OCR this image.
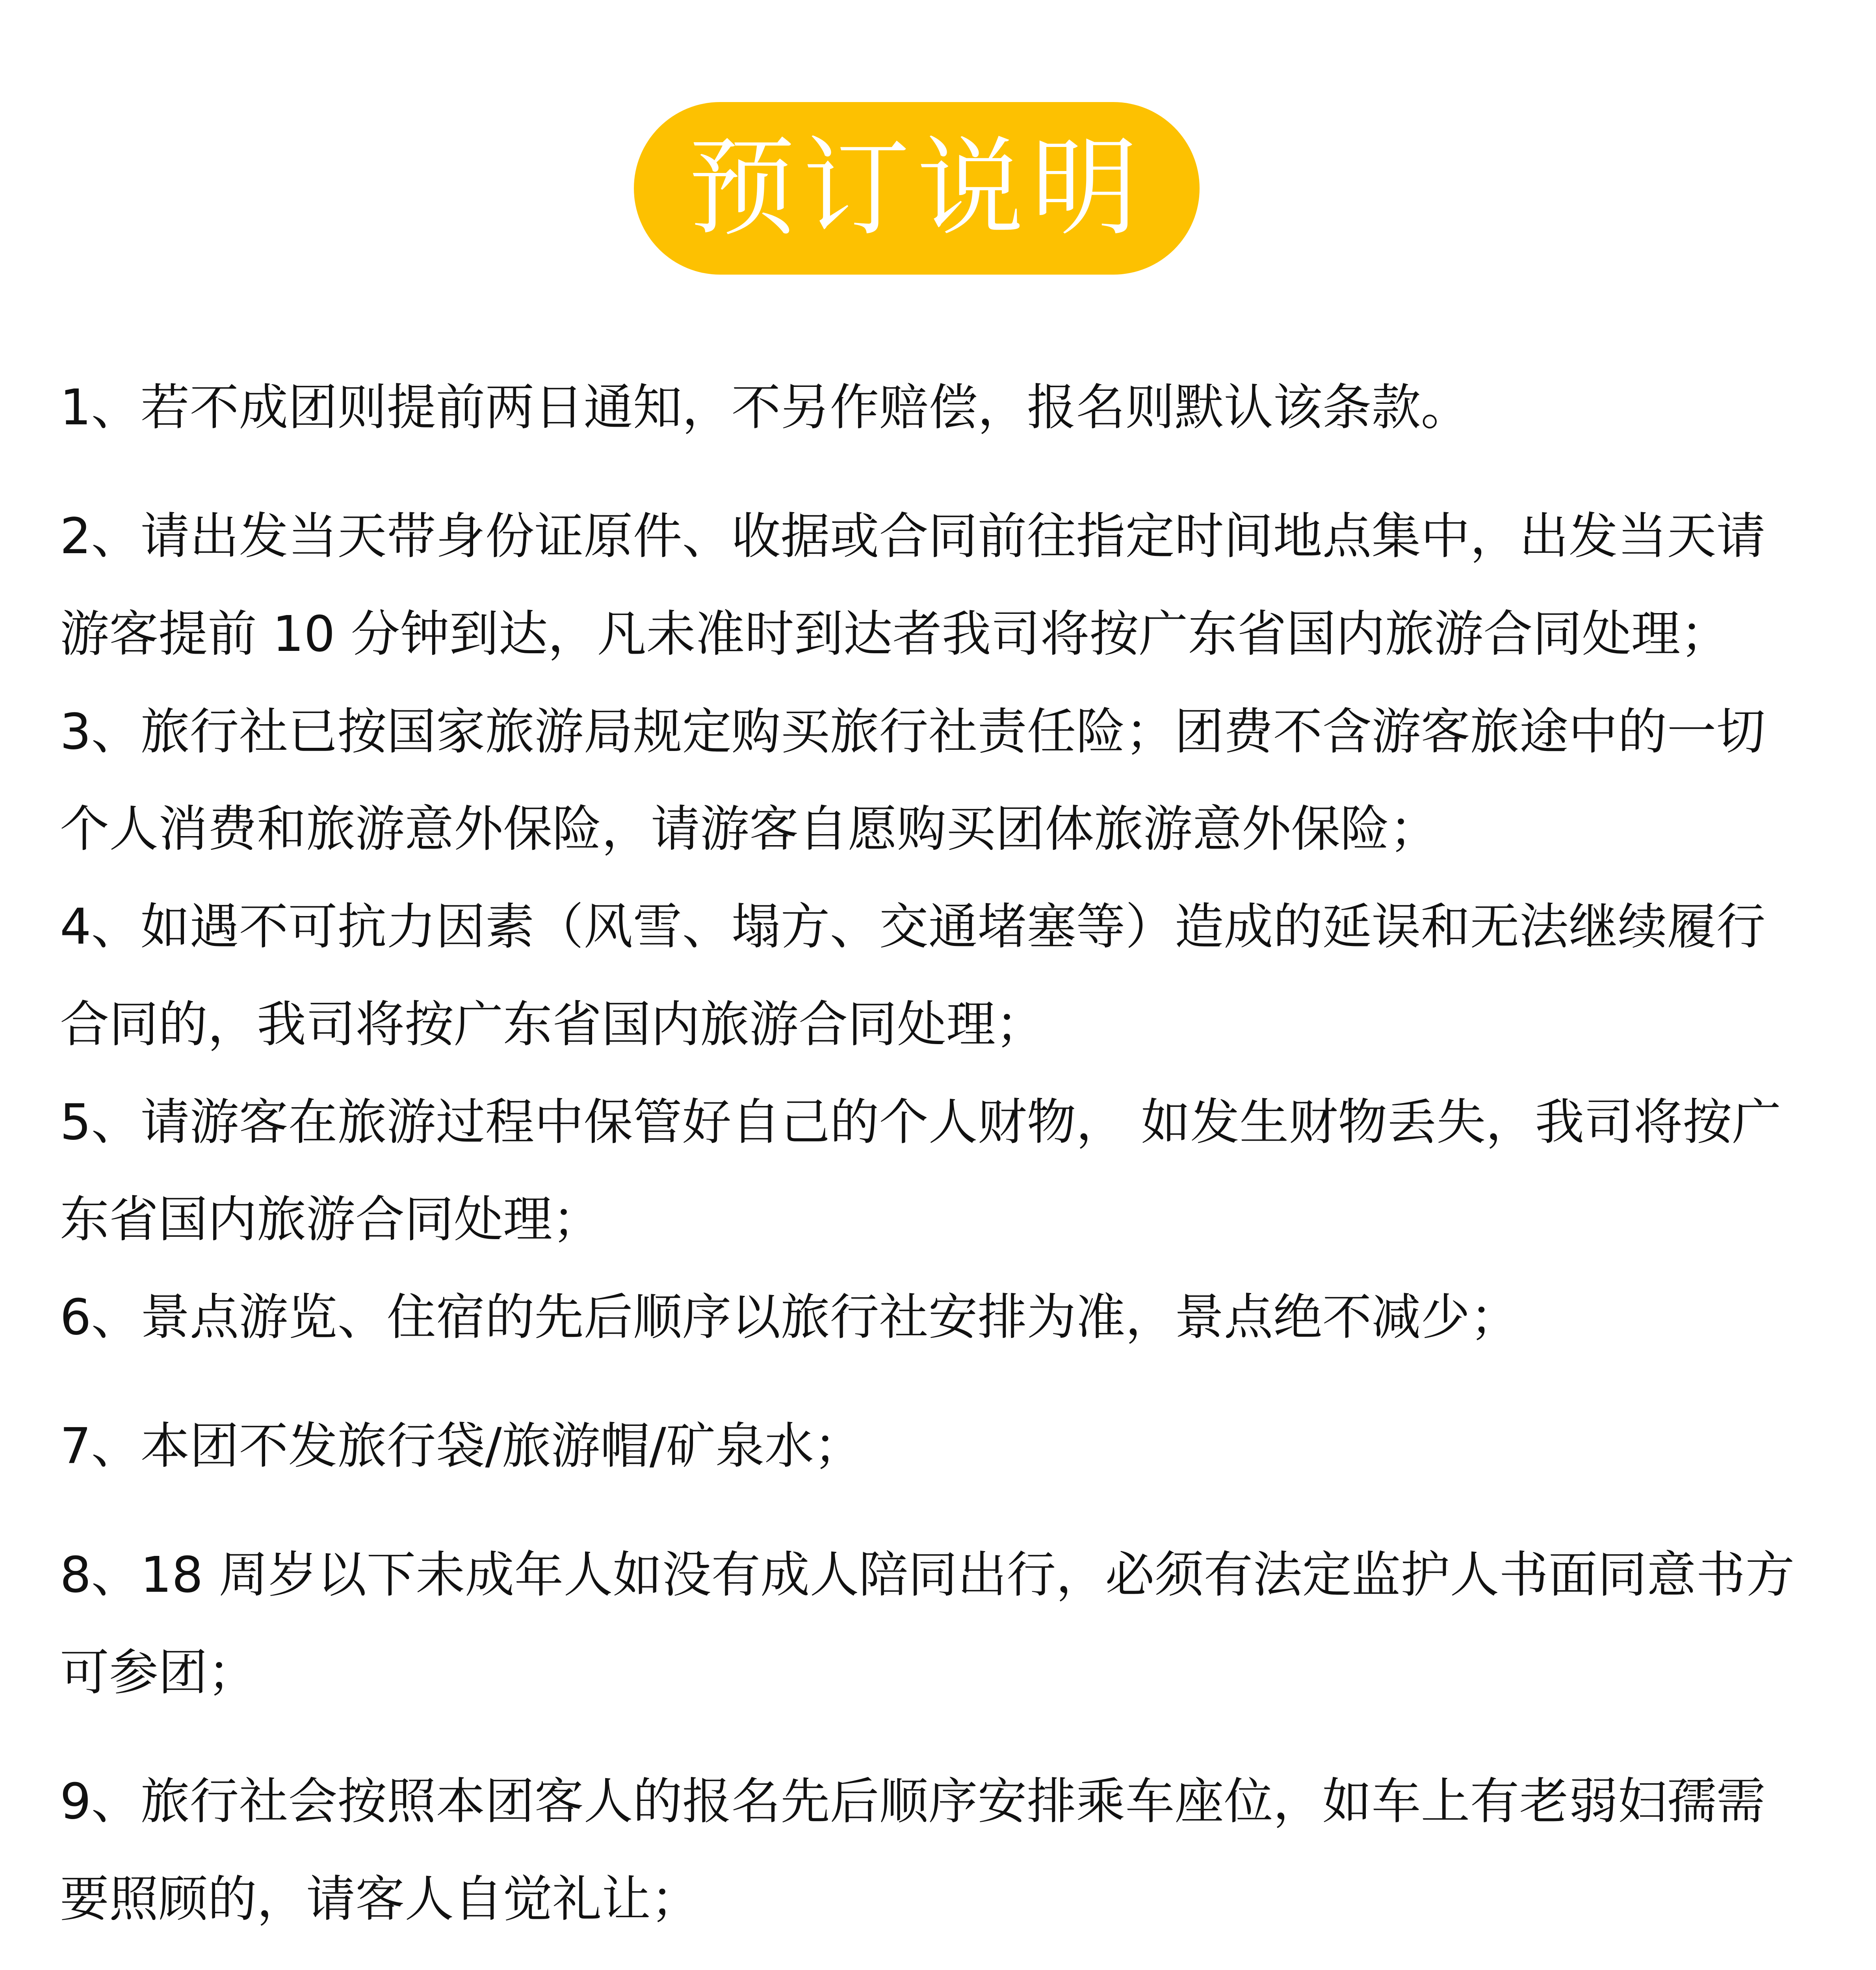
预订说明
1、若不成团则提前两日通知，不另作赔偿，报名则默认该条款。
2、请出发当天带身份证原件、收据或合同前往指定时间地点集中，出发当天请
游客提前 10 分钟到达，凡未准时到达者我司将按广东省国内旅游合同处理；
3、旅行社已按国家旅游局规定购买旅行社责任险；团费不含游客旅途中的一切
个人消费和旅游意外保险，请游客自愿购买团体旅游意外保险；
4、如遇不可抗力因素（风雪、塌方、交通堵塞等）造成的延误和无法继续履行
合同的，我司将按广东省国内旅游合同处理；
5、请游客在旅游过程中保管好自己的个人财物， 如发生财物丢失，我司将按广
东省国内旅游合同处理；
6、景点游览、住宿的先后顺序以旅行社安排为准，景点绝不减少；
7、本团不发旅行袋/旅游帽/矿泉水；
8、18 周岁以下未成年人如没有成人陪同出行，必须有法定监护人书面同意书方
可参团；
9、旅行社会按照本团客人的报名先后顺序安排乘车座位，如车上有老弱妇孺需
要照顾的，请客人自觉礼让；
